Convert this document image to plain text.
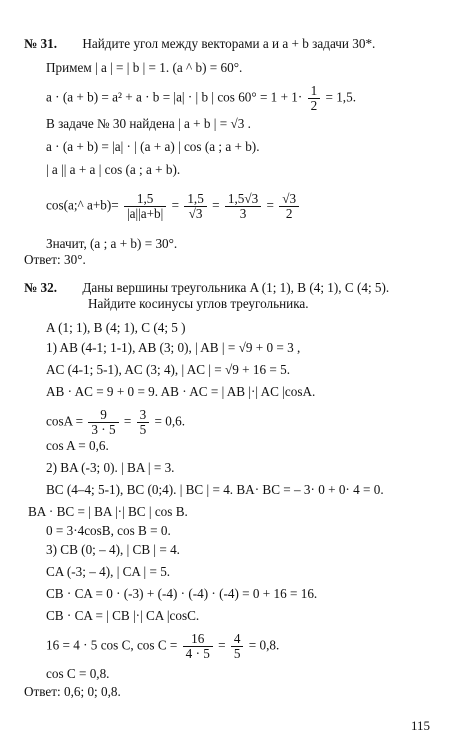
№ 31. Найдите угол между векторами a и a + b задачи 30*.
Примем | a | = | b | = 1. (a ^ b) = 60°.
a · (a + b) = a² + a · b = |a| · | b | $\cos 60^\circ = 1 + 1\cdot \frac{1}{2} = 1,5$.
В задаче № 30 найдена | a + b | = √3 .
a · (a + b) = |a| · | (a + a) | cos (a ; a + b).
| a || a + a | cos (a ; a + b).
cos(a;^ $a+b)= \frac{1,5}{|a||a+b|} = \frac{1,5}{√3} = \frac{1,5√3}{3} = \frac{√3}{2}$
Значит, (a ; a + b) = 30°.
Ответ: 30°.
№ 32. Даны вершины треугольника A (1; 1), B (4; 1), C (4; 5).
Найдите косинусы углов треугольника.
A (1; 1), B (4; 1), C (4; 5 )
1) AB (4-1; 1-1), AB (3; 0), | AB | = √9 + 0 = 3 ,
AC (4-1; 5-1), AC (3; 4), | AC | = √9 + 16 = 5.
AB · AC = 9 + 0 = 9. AB · AC = | AB |·| AC |cosA.
$\cos A = \frac{9}{3 \cdot 5} = \frac{3}{5} = 0,6$.
cos A = 0,6.
2) BA (-3; 0). | BA | = 3.
BC (4–4; 5-1), BC (0;4). | BC | = 4. BA· BC = – 3· 0 + 0· 4 = 0.
BA · BC = | BA |·| BC | cos B.
0 = 3·4cosB, cos B = 0.
3) CB (0; – 4), | CB | = 4.
CA (-3; – 4), | CA | = 5.
CB · CA = 0 · (-3) + (-4) · (-4) · (-4) = 0 + 16 = 16.
CB · CA = | CB |·| CA |cosC.
16 = 4 · 5 cos C, $\cos C = \frac{16}{4 \cdot 5} = \frac{4}{5} = 0,8$.
cos C = 0,8.
Ответ: 0,6; 0; 0,8.
115
